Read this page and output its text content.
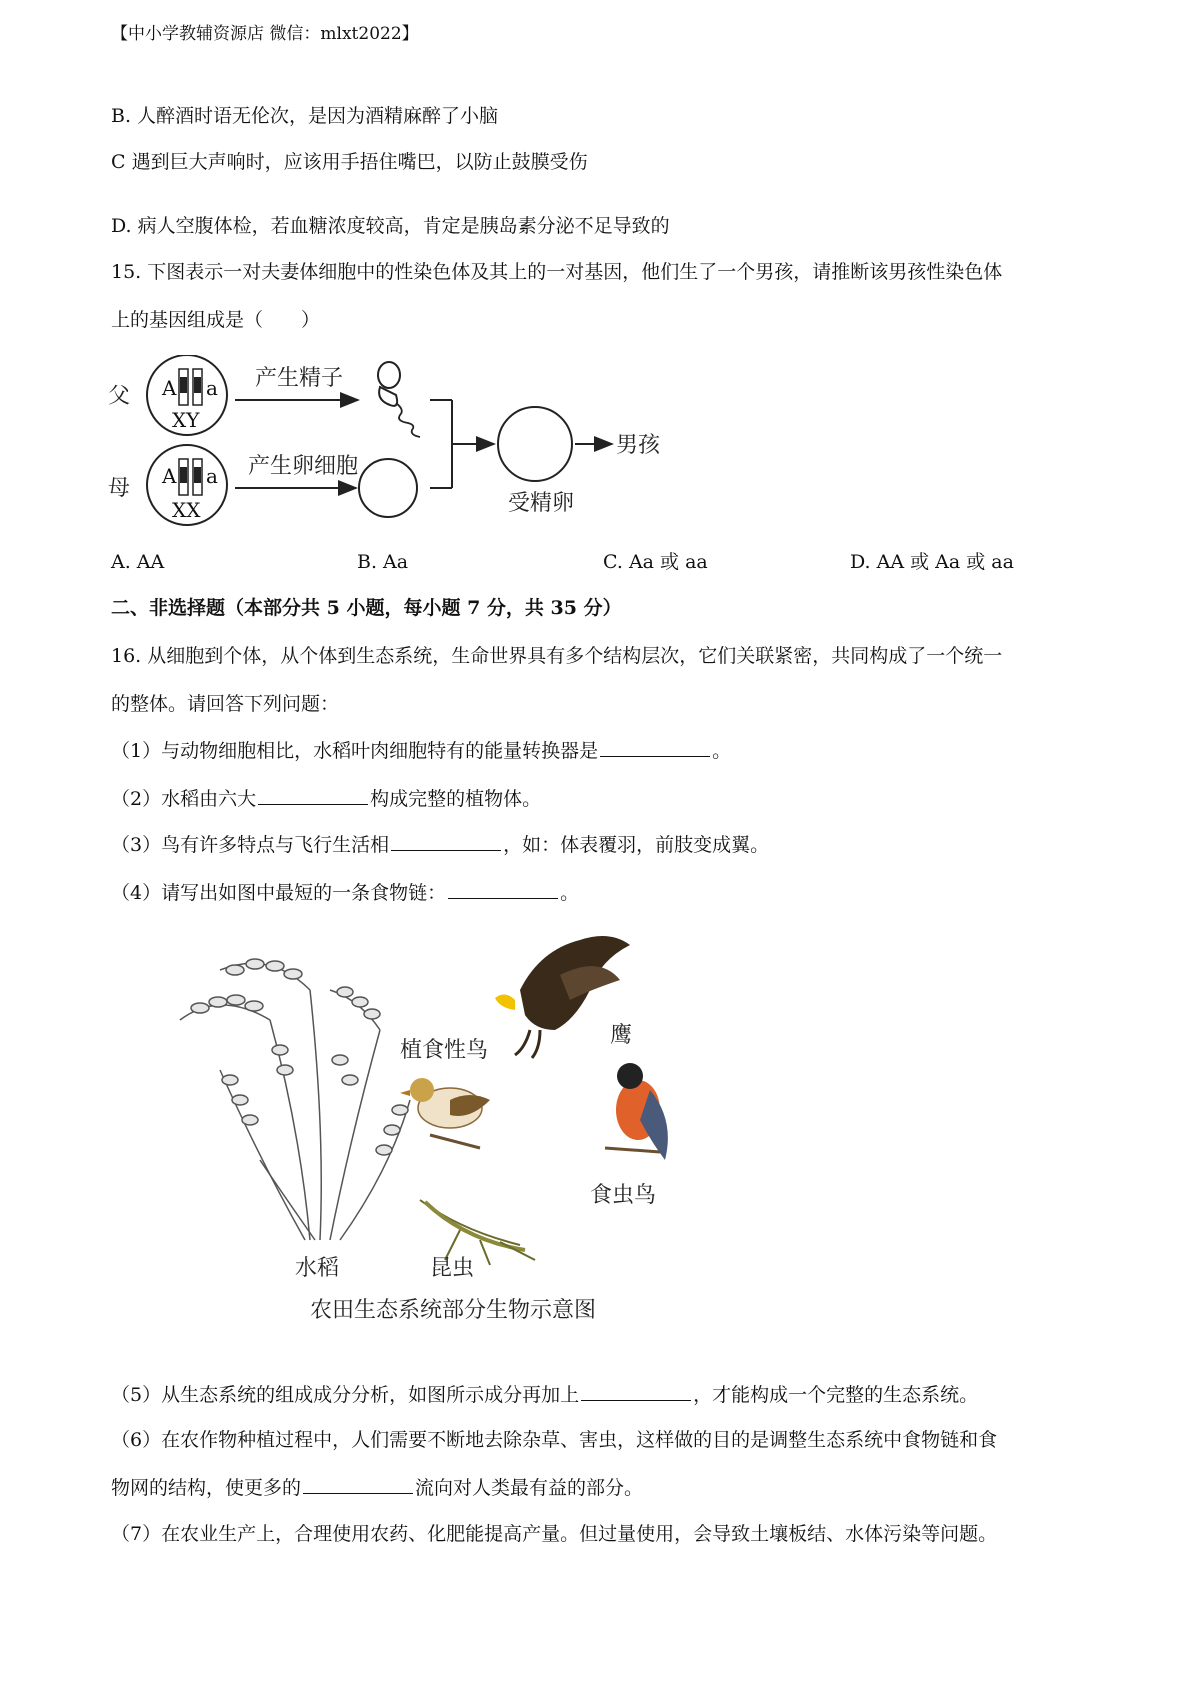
【中小学教辅资源店 微信：mlxt2022】
B. 人醉酒时语无伦次，是因为酒精麻醉了小脑
C 遇到巨大声响时，应该用手捂住嘴巴，以防止鼓膜受伤
D. 病人空腹体检，若血糖浓度较高，肯定是胰岛素分泌不足导致的
15. 下图表示一对夫妻体细胞中的性染色体及其上的一对基因，他们生了一个男孩，请推断该男孩性染色体
上的基因组成是（　　）
父
母
A a
XY
A a
XX
产生精子
产生卵细胞
受精卵
男孩
A. AA	B. Aa	C. Aa 或 aa	D. AA 或 Aa 或 aa
二、非选择题（本部分共 5 小题，每小题 7 分，共 35 分）
16. 从细胞到个体，从个体到生态系统，生命世界具有多个结构层次，它们关联紧密，共同构成了一个统一
的整体。请回答下列问题：
（1）与动物细胞相比，水稻叶肉细胞特有的能量转换器是	。
（2）水稻由六大	构成完整的植物体。
（3）鸟有许多特点与飞行生活相	，如：体表覆羽，前肢变成翼。
（4）请写出如图中最短的一条食物链：	。
水稻
鹰
植食性鸟
食虫鸟
昆虫
农田生态系统部分生物示意图
（5）从生态系统的组成成分分析，如图所示成分再加上	，才能构成一个完整的生态系统。
（6）在农作物种植过程中，人们需要不断地去除杂草、害虫，这样做的目的是调整生态系统中食物链和食
物网的结构，使更多的	流向对人类最有益的部分。
（7）在农业生产上，合理使用农药、化肥能提高产量。但过量使用，会导致土壤板结、水体污染等问题。
